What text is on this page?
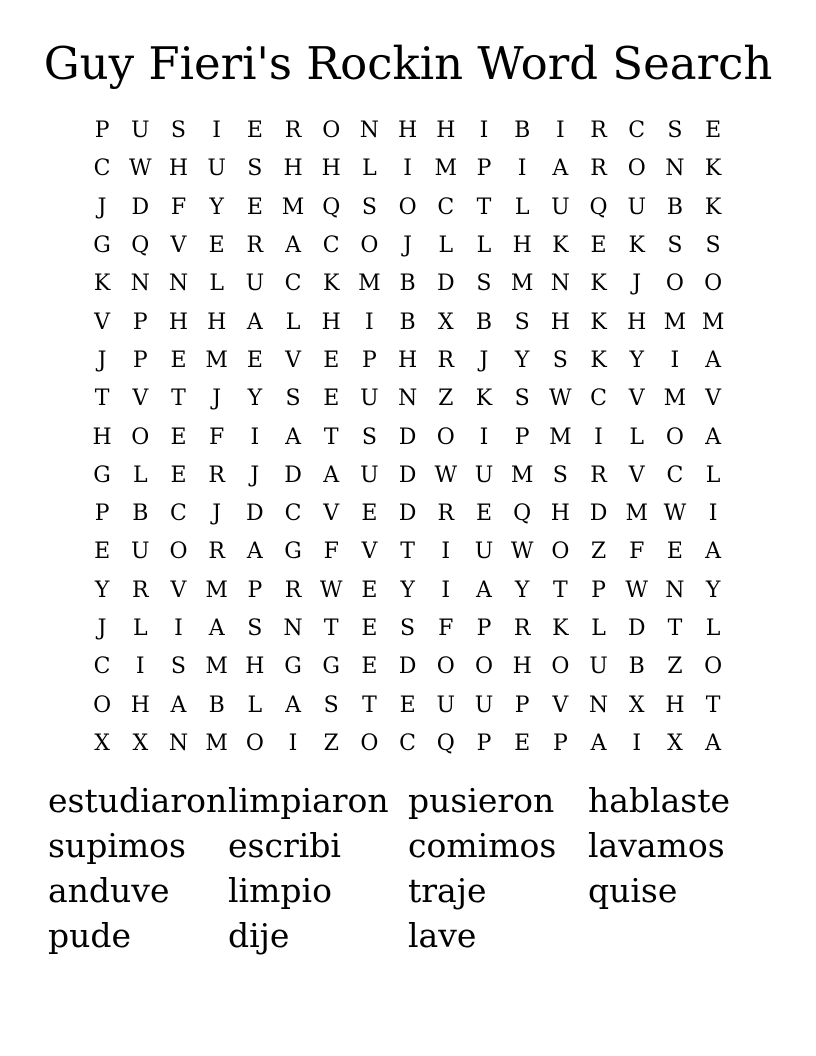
Guy Fieri's Rockin Word Search
P U S	I	E R O N H H	I	B	I	R C	S	E
C W H U S H H L	I	M P	I	A R O N K
J	D F	Y	E M Q S O C	T	L U Q U B K
G Q V	E R A C O	J	L	L H K E K	S	S
K N N L U C K M B D S M N K	J	O O
V	P H H A	L H	I	B	X	B	S H K H M M
J	P	E M E	V	E	P H R	J	Y	S	K	Y	I	A
T	V	T	J	Y	S	E U N Z	K	S W C V M V
H O E	F	I	A	T	S D O	I	P M	I	L O A
G	L	E R	J	D A U D W U M S	R V C	L
P	B C	J	D C V	E D R E Q H D M W	I
E U O R A G F	V	T	I	U W O Z	F	E	A
Y	R V M P	R W E	Y	I	A	Y	T	P W N Y
J	L	I	A	S N T	E	S	F	P	R K	L	D	T	L
C	I	S M H G G E D O O H O U B	Z O
O H A	B	L	A	S	T	E U U P	V N X H T
X	X N M O	I	Z O C Q P	E	P	A	I	X	A
estudiaron limpiaron pusieron	hablaste
supimos	escribi	comimos lavamos
anduve	limpio	traje	quise
pude	dije	lave
